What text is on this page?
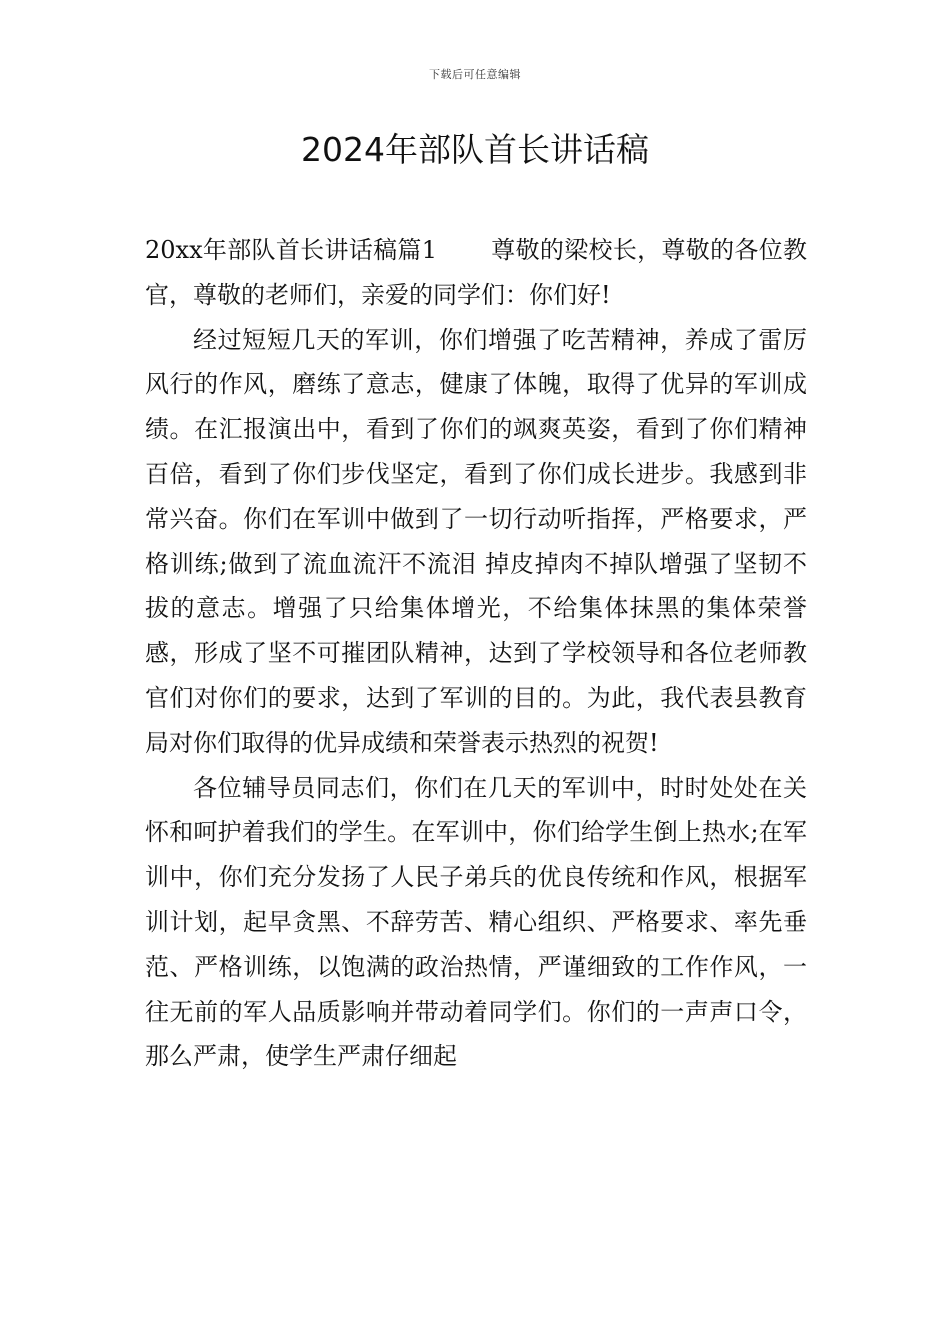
下载后可任意编辑
2024年部队首长讲话稿

20xx年部队首长讲话稿篇1 尊敬的梁校长，尊敬的各位教官，尊敬的老师们，亲爱的同学们：你们好!

经过短短几天的军训，你们增强了吃苦精神，养成了雷厉风行的作风，磨练了意志，健康了体魄，取得了优异的军训成绩。在汇报演出中，看到了你们的飒爽英姿，看到了你们精神百倍，看到了你们步伐坚定，看到了你们成长进步。我感到非常兴奋。你们在军训中做到了一切行动听指挥，严格要求，严格训练;做到了流血流汗不流泪 掉皮掉肉不掉队增强了坚韧不拔的意志。增强了只给集体增光，不给集体抹黑的集体荣誉感，形成了坚不可摧团队精神，达到了学校领导和各位老师教官们对你们的要求，达到了军训的目的。为此，我代表县教育局对你们取得的优异成绩和荣誉表示热烈的祝贺!

各位辅导员同志们，你们在几天的军训中，时时处处在关怀和呵护着我们的学生。在军训中，你们给学生倒上热水;在军训中，你们充分发扬了人民子弟兵的优良传统和作风，根据军训计划，起早贪黑、不辞劳苦、精心组织、严格要求、率先垂范、严格训练，以饱满的政治热情，严谨细致的工作作风，一往无前的军人品质影响并带动着同学们。你们的一声声口令，那么严肃，使学生严肃仔细起
